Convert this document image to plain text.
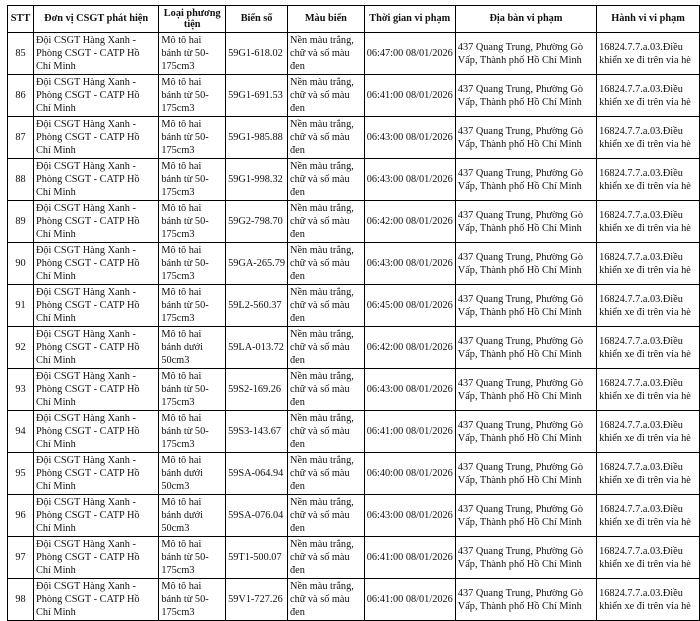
STT	Đơn vị CSGT phát hiện	Loại phương tiện	Biển số	Màu biển	Thời gian vi phạm	Địa bàn vi phạm	Hành vi vi phạm
85	Đội CSGT Hàng Xanh - Phòng CSGT - CATP Hồ Chí Minh	Mô tô hai bánh từ 50-175cm3	59G1-618.02	Nền màu trắng, chữ và số màu đen	06:47:00 08/01/2026	437 Quang Trung, Phường Gò Vấp, Thành phố Hồ Chí Minh	16824.7.7.a.03.Điều khiển xe đi trên via hè
86	Đội CSGT Hàng Xanh - Phòng CSGT - CATP Hồ Chí Minh	Mô tô hai bánh từ 50-175cm3	59G1-691.53	Nền màu trắng, chữ và số màu đen	06:41:00 08/01/2026	437 Quang Trung, Phường Gò Vấp, Thành phố Hồ Chí Minh	16824.7.7.a.03.Điều khiển xe đi trên via hè
87	Đội CSGT Hàng Xanh - Phòng CSGT - CATP Hồ Chí Minh	Mô tô hai bánh từ 50-175cm3	59G1-985.88	Nền màu trắng, chữ và số màu đen	06:43:00 08/01/2026	437 Quang Trung, Phường Gò Vấp, Thành phố Hồ Chí Minh	16824.7.7.a.03.Điều khiển xe đi trên via hè
88	Đội CSGT Hàng Xanh - Phòng CSGT - CATP Hồ Chí Minh	Mô tô hai bánh từ 50-175cm3	59G1-998.32	Nền màu trắng, chữ và số màu đen	06:43:00 08/01/2026	437 Quang Trung, Phường Gò Vấp, Thành phố Hồ Chí Minh	16824.7.7.a.03.Điều khiển xe đi trên via hè
89	Đội CSGT Hàng Xanh - Phòng CSGT - CATP Hồ Chí Minh	Mô tô hai bánh từ 50-175cm3	59G2-798.70	Nền màu trắng, chữ và số màu đen	06:42:00 08/01/2026	437 Quang Trung, Phường Gò Vấp, Thành phố Hồ Chí Minh	16824.7.7.a.03.Điều khiển xe đi trên via hè
90	Đội CSGT Hàng Xanh - Phòng CSGT - CATP Hồ Chí Minh	Mô tô hai bánh từ 50-175cm3	59GA-265.79	Nền màu trắng, chữ và số màu đen	06:43:00 08/01/2026	437 Quang Trung, Phường Gò Vấp, Thành phố Hồ Chí Minh	16824.7.7.a.03.Điều khiển xe đi trên via hè
91	Đội CSGT Hàng Xanh - Phòng CSGT - CATP Hồ Chí Minh	Mô tô hai bánh từ 50-175cm3	59L2-560.37	Nền màu trắng, chữ và số màu đen	06:45:00 08/01/2026	437 Quang Trung, Phường Gò Vấp, Thành phố Hồ Chí Minh	16824.7.7.a.03.Điều khiển xe đi trên via hè
92	Đội CSGT Hàng Xanh - Phòng CSGT - CATP Hồ Chí Minh	Mô tô hai bánh dưới 50cm3	59LA-013.72	Nền màu trắng, chữ và số màu đen	06:42:00 08/01/2026	437 Quang Trung, Phường Gò Vấp, Thành phố Hồ Chí Minh	16824.7.7.a.03.Điều khiển xe đi trên via hè
93	Đội CSGT Hàng Xanh - Phòng CSGT - CATP Hồ Chí Minh	Mô tô hai bánh từ 50-175cm3	59S2-169.26	Nền màu trắng, chữ và số màu đen	06:43:00 08/01/2026	437 Quang Trung, Phường Gò Vấp, Thành phố Hồ Chí Minh	16824.7.7.a.03.Điều khiển xe đi trên via hè
94	Đội CSGT Hàng Xanh - Phòng CSGT - CATP Hồ Chí Minh	Mô tô hai bánh từ 50-175cm3	59S3-143.67	Nền màu trắng, chữ và số màu đen	06:41:00 08/01/2026	437 Quang Trung, Phường Gò Vấp, Thành phố Hồ Chí Minh	16824.7.7.a.03.Điều khiển xe đi trên via hè
95	Đội CSGT Hàng Xanh - Phòng CSGT - CATP Hồ Chí Minh	Mô tô hai bánh dưới 50cm3	59SA-064.94	Nền màu trắng, chữ và số màu đen	06:40:00 08/01/2026	437 Quang Trung, Phường Gò Vấp, Thành phố Hồ Chí Minh	16824.7.7.a.03.Điều khiển xe đi trên via hè
96	Đội CSGT Hàng Xanh - Phòng CSGT - CATP Hồ Chí Minh	Mô tô hai bánh dưới 50cm3	59SA-076.04	Nền màu trắng, chữ và số màu đen	06:43:00 08/01/2026	437 Quang Trung, Phường Gò Vấp, Thành phố Hồ Chí Minh	16824.7.7.a.03.Điều khiển xe đi trên via hè
97	Đội CSGT Hàng Xanh - Phòng CSGT - CATP Hồ Chí Minh	Mô tô hai bánh từ 50-175cm3	59T1-500.07	Nền màu trắng, chữ và số màu đen	06:41:00 08/01/2026	437 Quang Trung, Phường Gò Vấp, Thành phố Hồ Chí Minh	16824.7.7.a.03.Điều khiển xe đi trên via hè
98	Đội CSGT Hàng Xanh - Phòng CSGT - CATP Hồ Chí Minh	Mô tô hai bánh từ 50-175cm3	59V1-727.26	Nền màu trắng, chữ và số màu đen	06:41:00 08/01/2026	437 Quang Trung, Phường Gò Vấp, Thành phố Hồ Chí Minh	16824.7.7.a.03.Điều khiển xe đi trên via hè
